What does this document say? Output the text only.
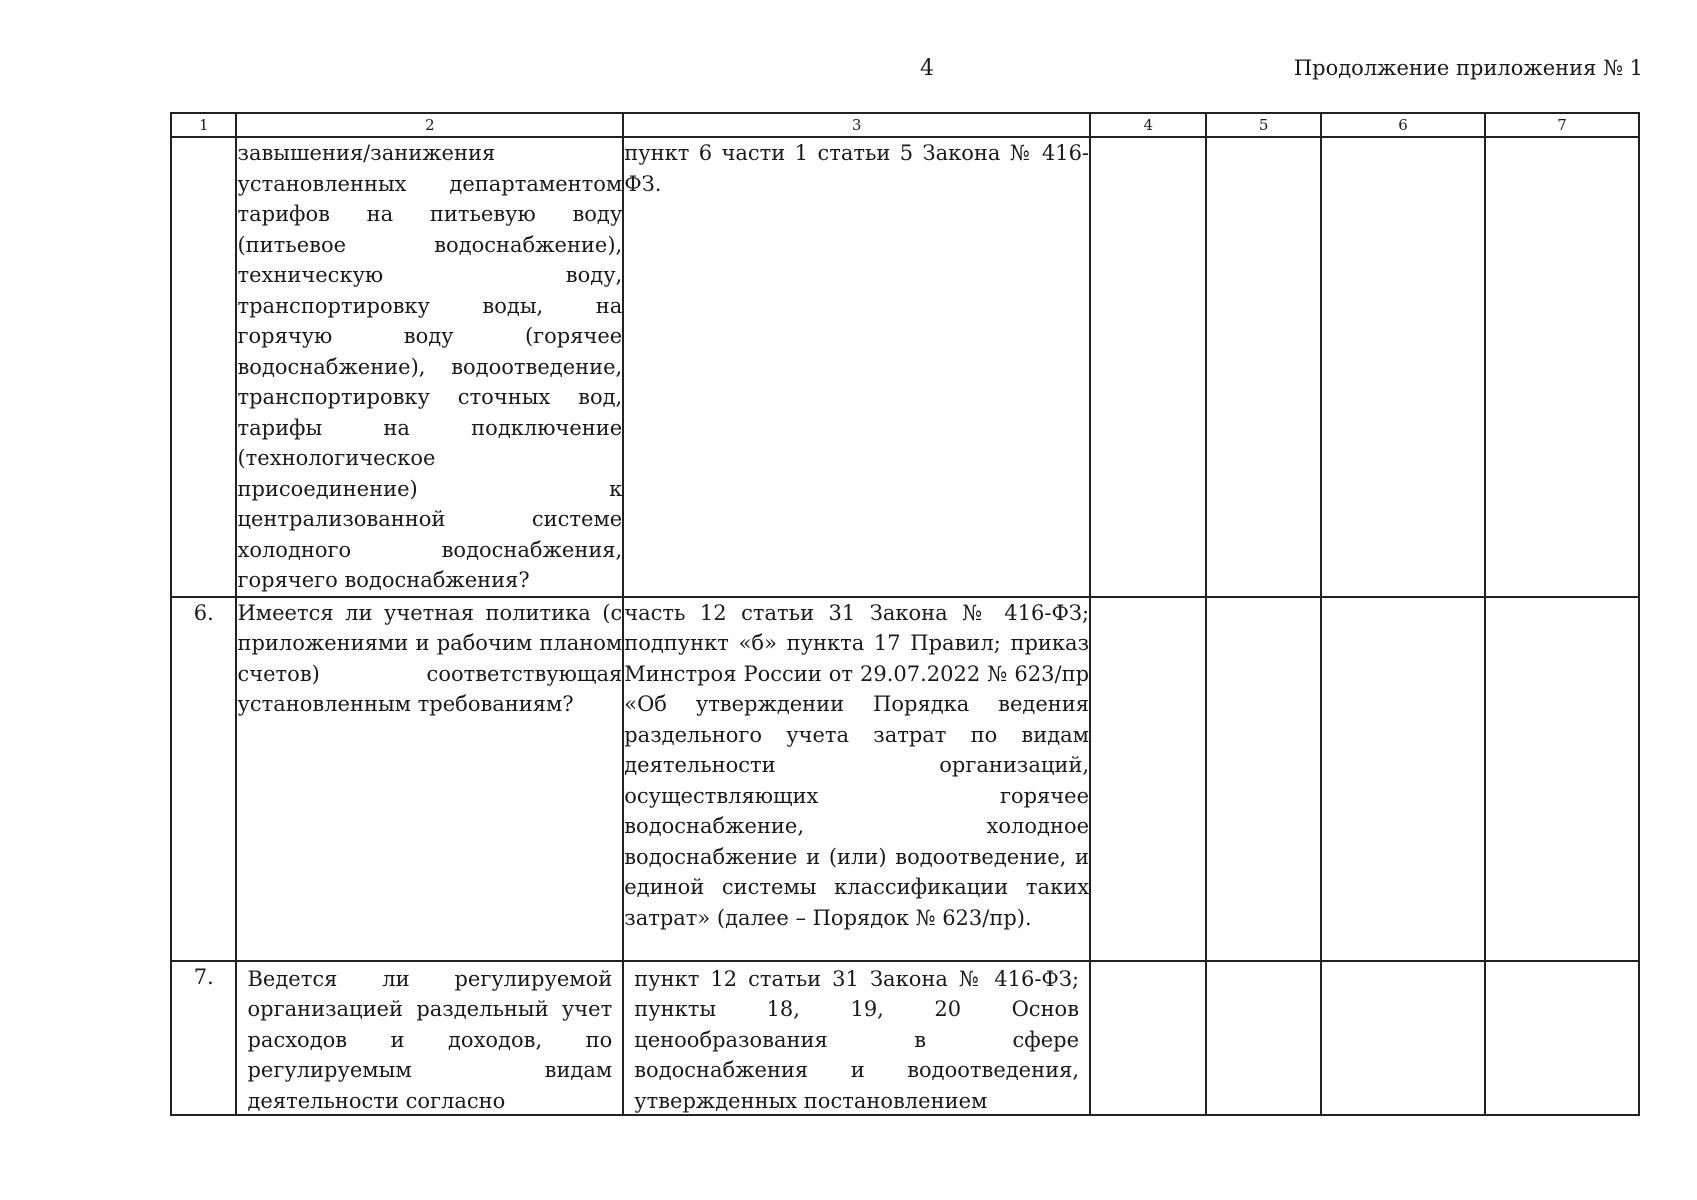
4	Продолжение приложения № 1
1	2	3	4	5	6	7
	завышения/занижения установленных департаментом тарифов на питьевую воду (питьевое водоснабжение), техническую воду, транспортировку воды, на горячую воду (горячее водоснабжение), водоотведение, транспортировку сточных вод, тарифы на подключение (технологическое присоединение) к централизованной системе холодного водоснабжения, горячего водоснабжения?	пункт 6 части 1 статьи 5 Закона № 416-ФЗ.				
6.	Имеется ли учетная политика (с приложениями и рабочим планом счетов) соответствующая установленным требованиям?	часть 12 статьи 31 Закона № 416-ФЗ; подпункт «б» пункта 17 Правил; приказ Минстроя России от 29.07.2022 № 623/пр «Об утверждении Порядка ведения раздельного учета затрат по видам деятельности организаций, осуществляющих горячее водоснабжение, холодное водоснабжение и (или) водоотведение, и единой системы классификации таких затрат» (далее – Порядок № 623/пр).				
7.	Ведется ли регулируемой организацией раздельный учет расходов и доходов, по регулируемым видам деятельности согласно	пункт 12 статьи 31 Закона № 416-ФЗ; пункты 18, 19, 20 Основ ценообразования в сфере водоснабжения и водоотведения, утвержденных постановлением				
